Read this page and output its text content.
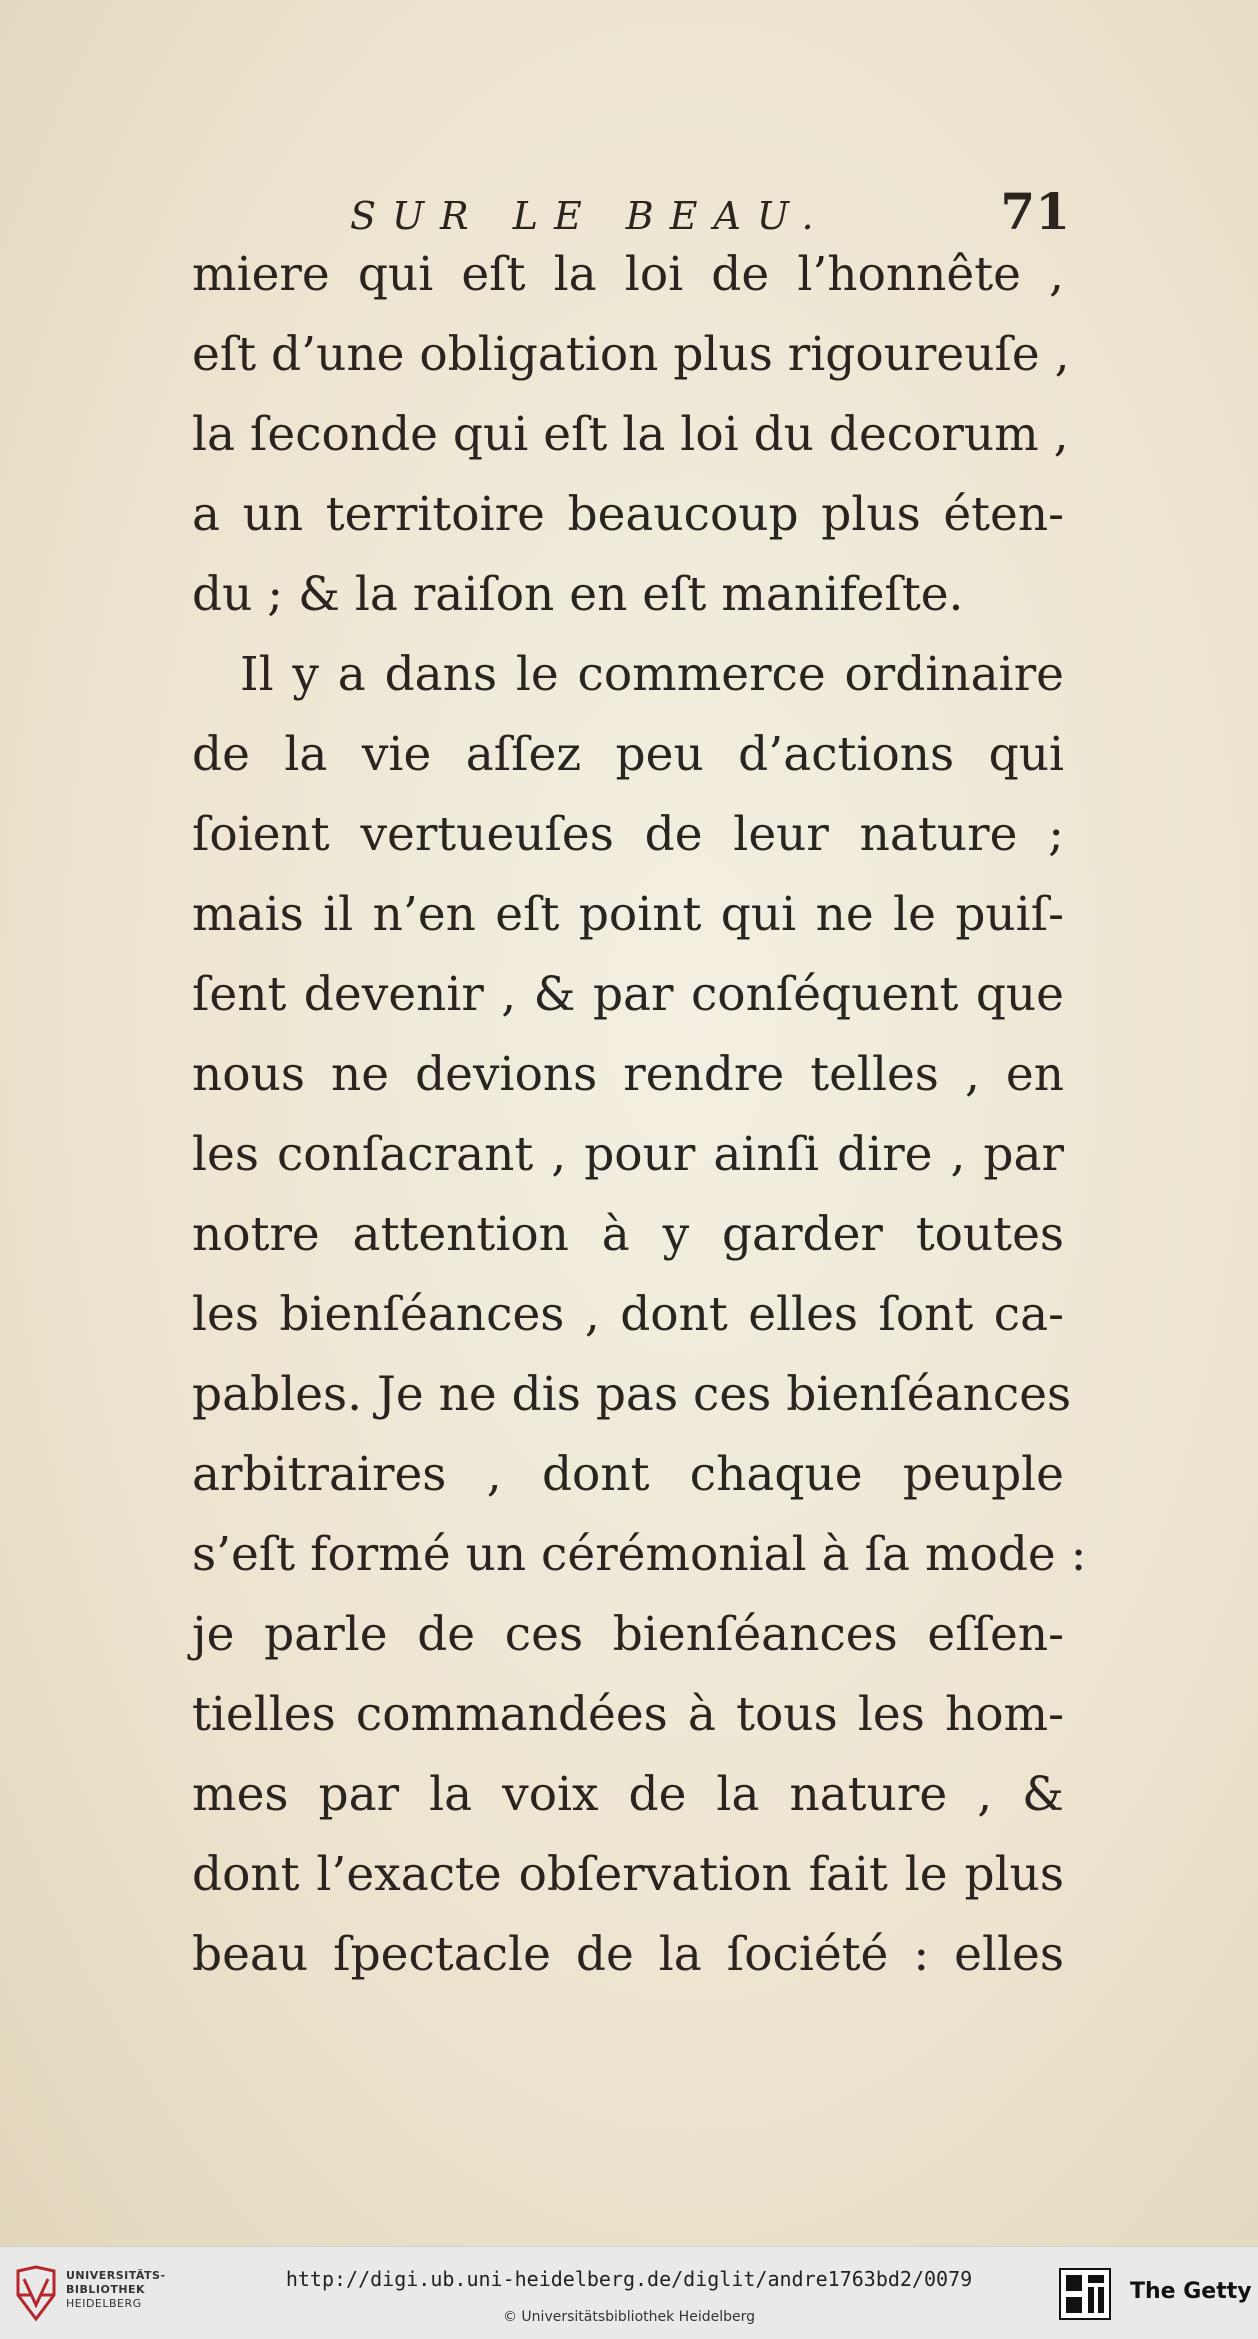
SUR LE BEAU.	71
miere qui eſt la loi de l’honnête ,
eſt d’une obligation plus rigoureuſe ,
la ſeconde qui eſt la loi du decorum ,
a un territoire beaucoup plus éten-
du ; & la raiſon en eſt manifeſte.
Il y a dans le commerce ordinaire
de la vie aſſez peu d’actions qui
ſoient vertueuſes de leur nature ;
mais il n’en eſt point qui ne le puiſ-
ſent devenir , & par conſéquent que
nous ne devions rendre telles , en
les conſacrant , pour ainſi dire , par
notre attention à y garder toutes
les bienſéances , dont elles ſont ca-
pables. Je ne dis pas ces bienſéances
arbitraires , dont chaque peuple
s’eſt formé un cérémonial à ſa mode :
je parle de ces bienſéances eſſen-
tielles commandées à tous les hom-
mes par la voix de la nature , &
dont l’exacte obſervation fait le plus
beau ſpectacle de la ſociété : elles
UNIVERSITÄTS-
BIBLIOTHEK
HEIDELBERG
http://digi.ub.uni-heidelberg.de/diglit/andre1763bd2/0079
© Universitätsbibliothek Heidelberg
The Getty
